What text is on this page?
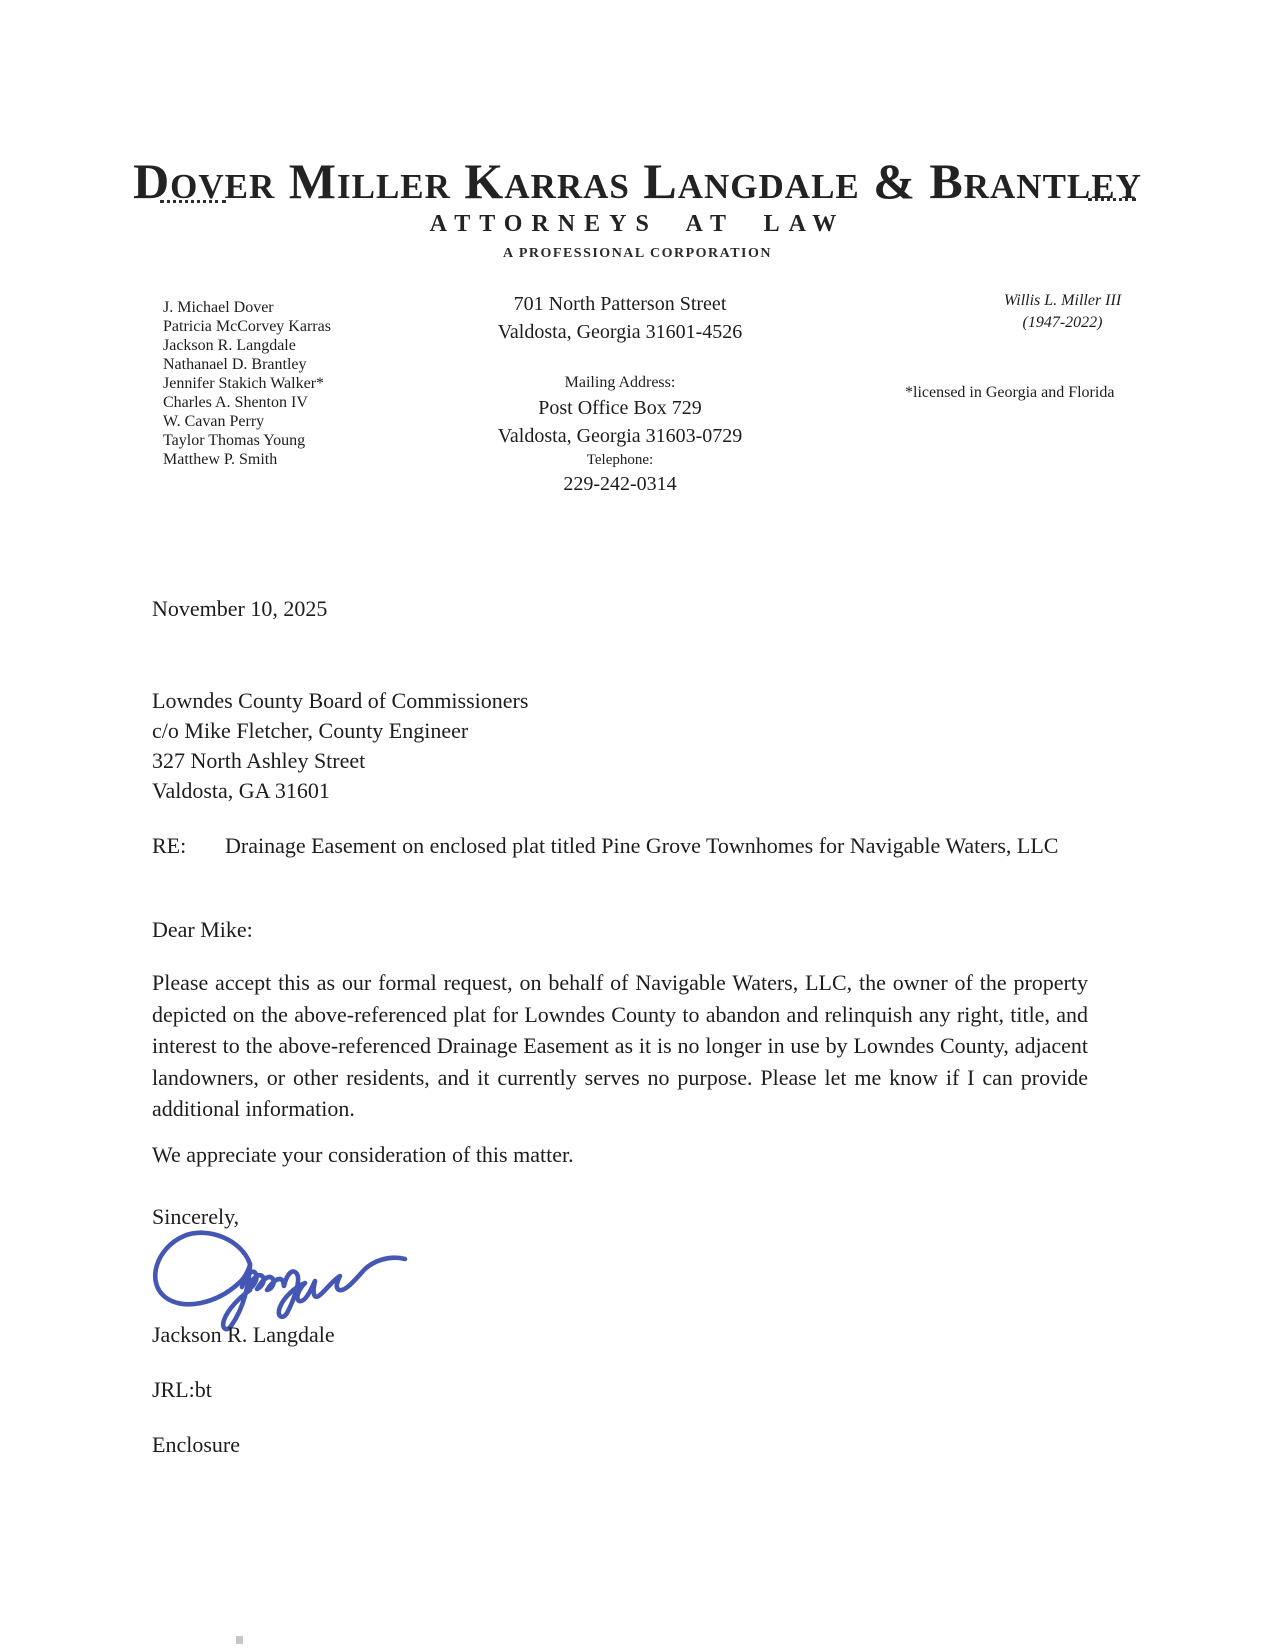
Dover Miller Karras Langdale & Brantley
ATTORNEYS AT LAW
A PROFESSIONAL CORPORATION
J. Michael Dover
Patricia McCorvey Karras
Jackson R. Langdale
Nathanael D. Brantley
Jennifer Stakich Walker*
Charles A. Shenton IV
W. Cavan Perry
Taylor Thomas Young
Matthew P. Smith
701 North Patterson Street
Valdosta, Georgia 31601-4526
Mailing Address:
Post Office Box 729
Valdosta, Georgia 31603-0729
Telephone:
229-242-0314
Willis L. Miller III
(1947-2022)
*licensed in Georgia and Florida
November 10, 2025
Lowndes County Board of Commissioners
c/o Mike Fletcher, County Engineer
327 North Ashley Street
Valdosta, GA 31601
RE:	Drainage Easement on enclosed plat titled Pine Grove Townhomes for Navigable Waters, LLC
Dear Mike:
Please accept this as our formal request, on behalf of Navigable Waters, LLC, the owner of the property depicted on the above-referenced plat for Lowndes County to abandon and relinquish any right, title, and interest to the above-referenced Drainage Easement as it is no longer in use by Lowndes County, adjacent landowners, or other residents, and it currently serves no purpose. Please let me know if I can provide additional information.
We appreciate your consideration of this matter.
Sincerely,
Jackson R. Langdale
JRL:bt
Enclosure
